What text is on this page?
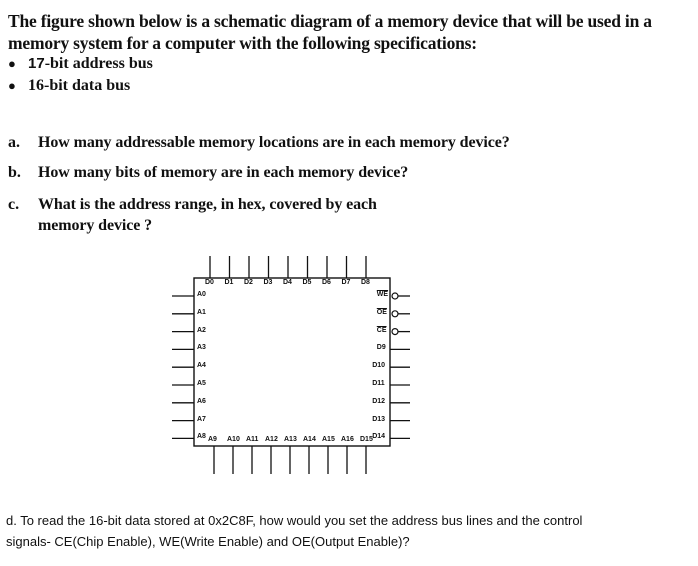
The figure shown below is a schematic diagram of a memory device that will be used in a
memory system for a computer with the following specifications:
● 17-bit address bus
● 16-bit data bus
a. How many addressable memory locations are in each memory device?
b. How many bits of memory are in each memory device?
c. What is the address range, in hex, covered by each
memory device ?
D0 D1 D2 D3 D4 D5 D6 D7 D8
A0
A1
A2
A3
A4
A5
A6
A7
A8
$\overline{WE}$
$\overline{OE}$
$\overline{CE}$
D9
D10
D11
D12
D13
D14
A9 A10 A11 A12 A13 A14 A15 A16 D15
d. To read the 16-bit data stored at 0x2C8F, how would you set the address bus lines and the control
signals- CE(Chip Enable), WE(Write Enable) and OE(Output Enable)?
